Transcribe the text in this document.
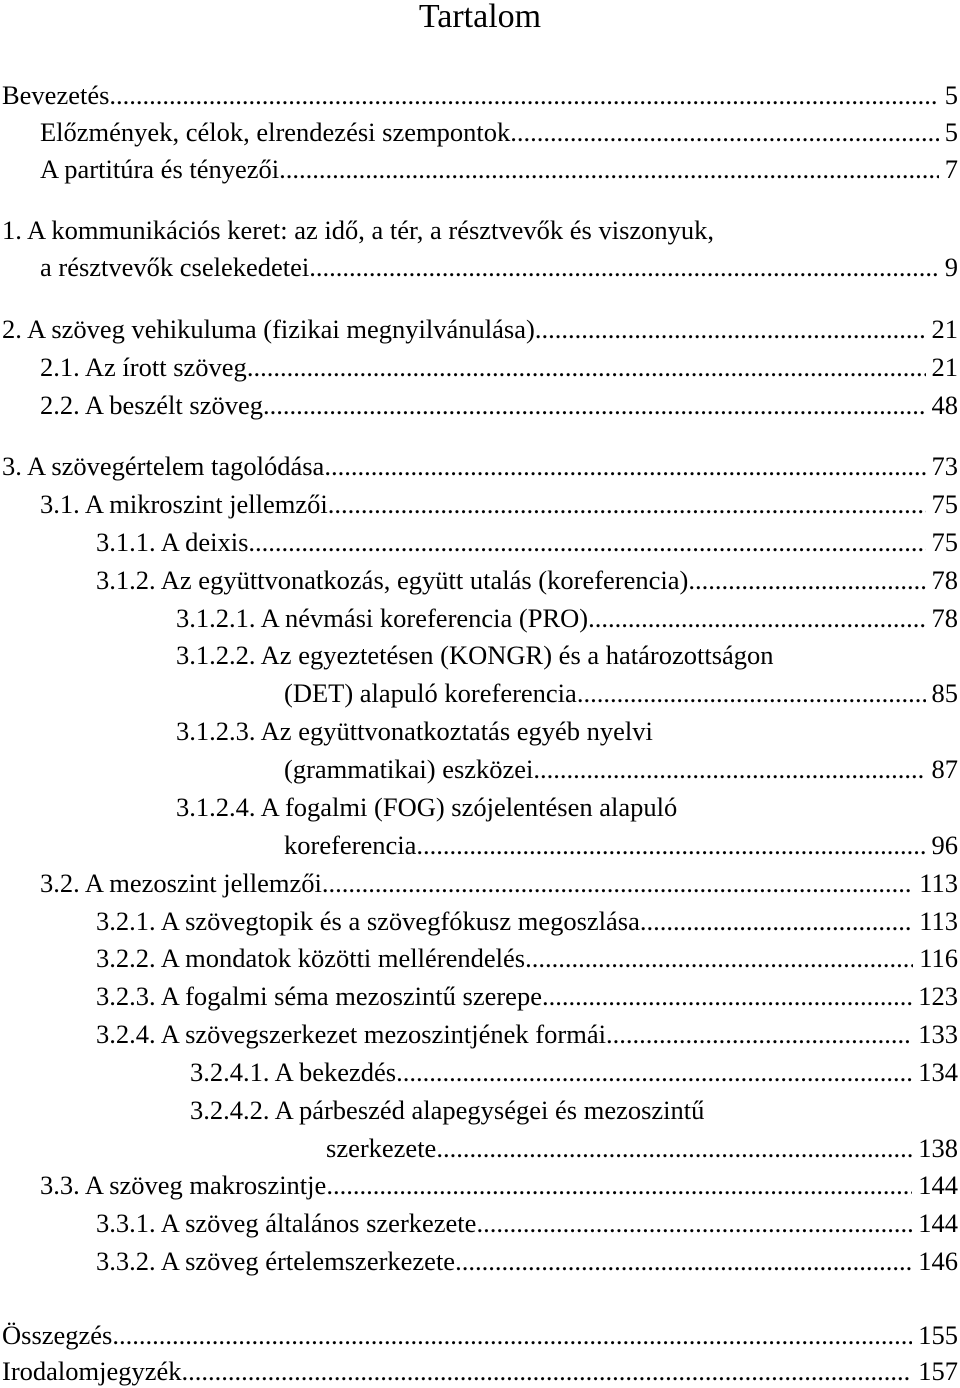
Tartalom
Bevezetés .....	5
Előzmények, célok, elrendezési szempontok .....	5
A partitúra és tényezői .....	7
1. A kommunikációs keret: az idő, a tér, a résztvevők és viszonyuk,
a résztvevők cselekedetei .....	9
2. A szöveg vehikuluma (fizikai megnyilvánulása) .....	21
2.1. Az írott szöveg .....	21
2.2. A beszélt szöveg .....	48
3. A szövegértelem tagolódása .....	73
3.1. A mikroszint jellemzői .....	75
3.1.1. A deixis .....	75
3.1.2. Az együttvonatkozás, együtt utalás (koreferencia) .....	78
3.1.2.1. A névmási koreferencia (PRO) .....	78
3.1.2.2. Az egyeztetésen (KONGR) és a határozottságon
(DET) alapuló koreferencia .....	85
3.1.2.3. Az együttvonatkoztatás egyéb nyelvi
(grammatikai) eszközei .....	87
3.1.2.4. A fogalmi (FOG) szójelentésen alapuló
koreferencia .....	96
3.2. A mezoszint jellemzői .....	113
3.2.1. A szövegtopik és a szövegfókusz megoszlása .....	113
3.2.2. A mondatok közötti mellérendelés .....	116
3.2.3. A fogalmi séma mezoszintű szerepe .....	123
3.2.4. A szövegszerkezet mezoszintjének formái .....	133
3.2.4.1. A bekezdés .....	134
3.2.4.2. A párbeszéd alapegységei és mezoszintű
szerkezete .....	138
3.3. A szöveg makroszintje .....	144
3.3.1. A szöveg általános szerkezete .....	144
3.3.2. A szöveg értelemszerkezete .....	146
Összegzés .....	155
Irodalomjegyzék .....	157
